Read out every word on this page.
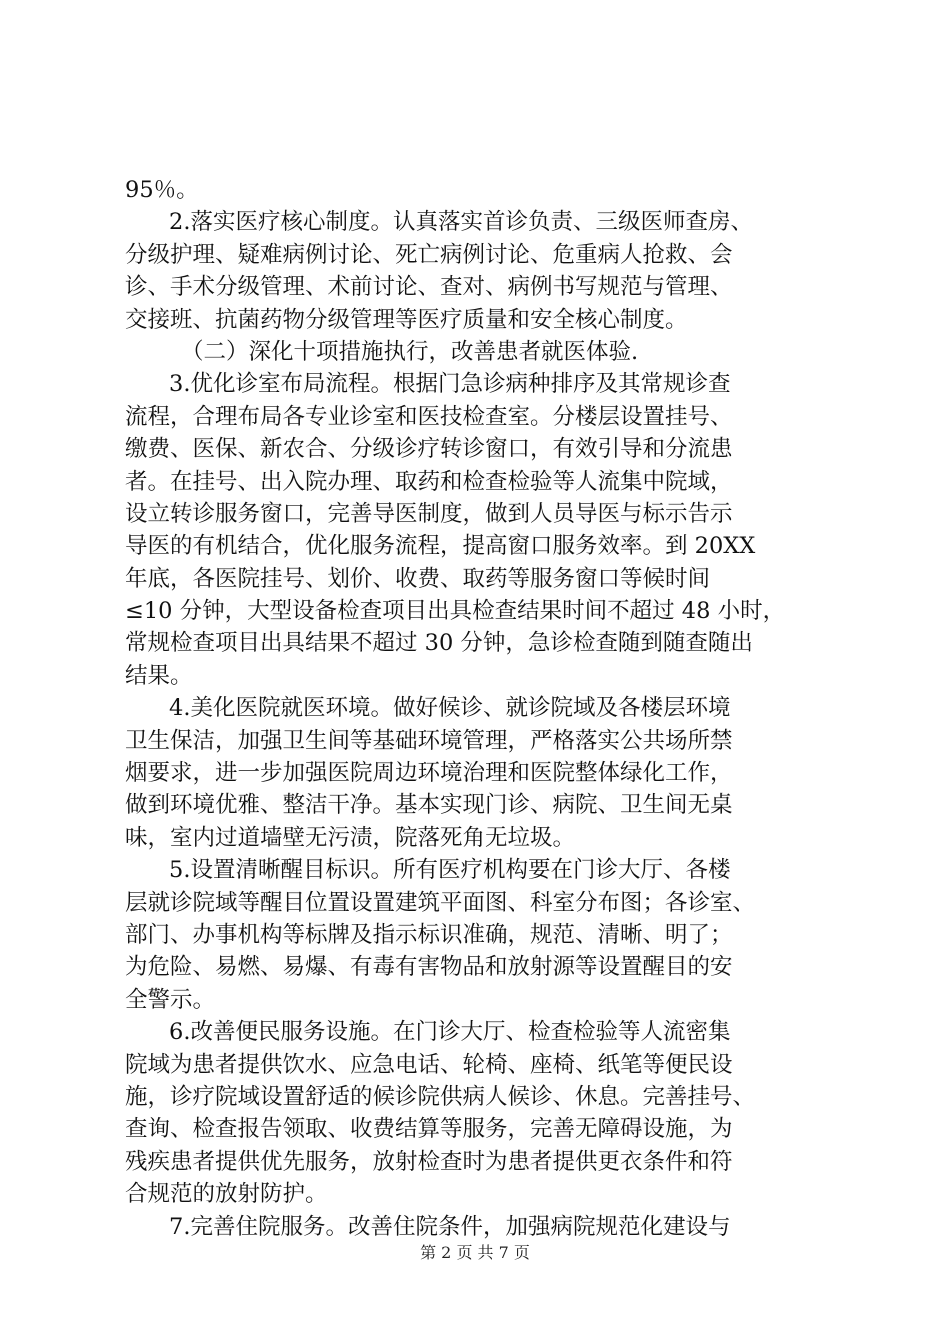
95％。
2.落实医疗核心制度。认真落实首诊负责、三级医师查房、
分级护理、疑难病例讨论、死亡病例讨论、危重病人抢救、会
诊、手术分级管理、术前讨论、查对、病例书写规范与管理、
交接班、抗菌药物分级管理等医疗质量和安全核心制度。
（二）深化十项措施执行，改善患者就医体验.
3.优化诊室布局流程。根据门急诊病种排序及其常规诊查
流程，合理布局各专业诊室和医技检查室。分楼层设置挂号、
缴费、医保、新农合、分级诊疗转诊窗口，有效引导和分流患
者。在挂号、出入院办理、取药和检查检验等人流集中院域，
设立转诊服务窗口，完善导医制度，做到人员导医与标示告示
导医的有机结合，优化服务流程，提高窗口服务效率。到 20XX
年底，各医院挂号、划价、收费、取药等服务窗口等候时间
≤10 分钟，大型设备检查项目出具检查结果时间不超过 48 小时，
常规检查项目出具结果不超过 30 分钟，急诊检查随到随查随出
结果。
4.美化医院就医环境。做好候诊、就诊院域及各楼层环境
卫生保洁，加强卫生间等基础环境管理，严格落实公共场所禁
烟要求，进一步加强医院周边环境治理和医院整体绿化工作，
做到环境优雅、整洁干净。基本实现门诊、病院、卫生间无桌
味，室内过道墙壁无污渍，院落死角无垃圾。
5.设置清晰醒目标识。所有医疗机构要在门诊大厅、各楼
层就诊院域等醒目位置设置建筑平面图、科室分布图；各诊室、
部门、办事机构等标牌及指示标识准确，规范、清晰、明了；
为危险、易燃、易爆、有毒有害物品和放射源等设置醒目的安
全警示。
6.改善便民服务设施。在门诊大厅、检查检验等人流密集
院域为患者提供饮水、应急电话、轮椅、座椅、纸笔等便民设
施，诊疗院域设置舒适的候诊院供病人候诊、休息。完善挂号、
查询、检查报告领取、收费结算等服务，完善无障碍设施，为
残疾患者提供优先服务，放射检查时为患者提供更衣条件和符
合规范的放射防护。
7.完善住院服务。改善住院条件，加强病院规范化建设与
第 2 页 共 7 页
